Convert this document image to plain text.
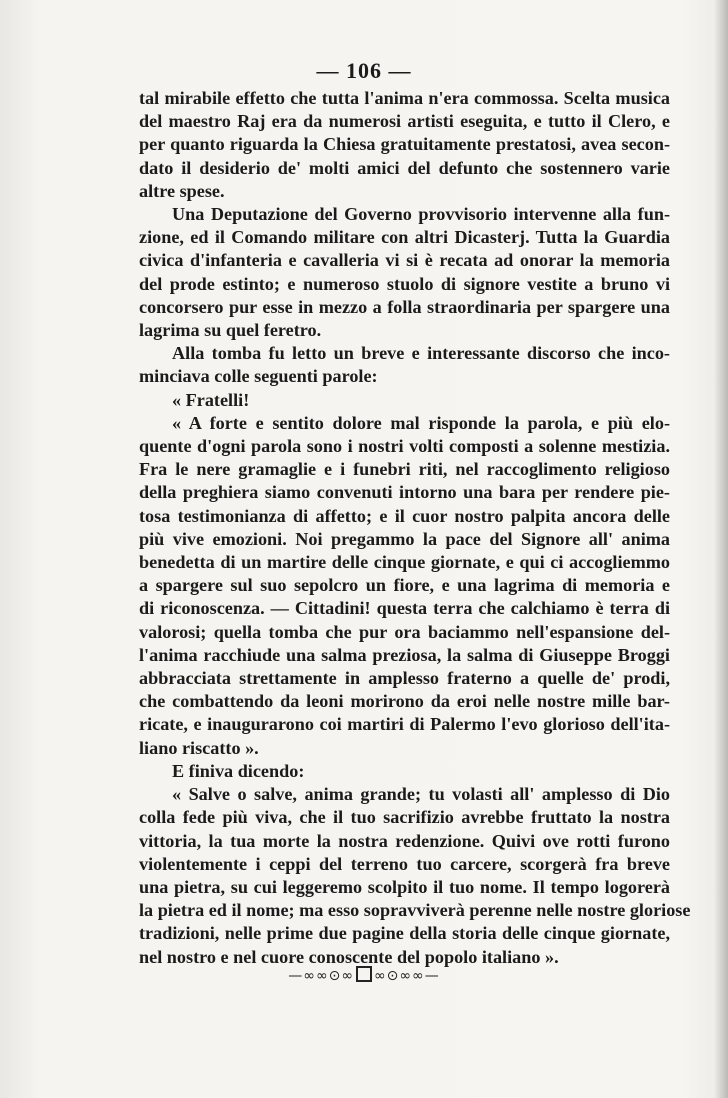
— 106 —
tal mirabile effetto che tutta l'anima n'era commossa. Scelta musica
del maestro Raj era da numerosi artisti eseguita, e tutto il Clero, e
per quanto riguarda la Chiesa gratuitamente prestatosi, avea secon-
dato il desiderio de' molti amici del defunto che sostennero varie
altre spese.
Una Deputazione del Governo provvisorio intervenne alla fun-
zione, ed il Comando militare con altri Dicasterj. Tutta la Guardia
civica d'infanteria e cavalleria vi si è recata ad onorar la memoria
del prode estinto; e numeroso stuolo di signore vestite a bruno vi
concorsero pur esse in mezzo a folla straordinaria per spargere una
lagrima su quel feretro.
Alla tomba fu letto un breve e interessante discorso che inco-
minciava colle seguenti parole:
« Fratelli!
« A forte e sentito dolore mal risponde la parola, e più elo-
quente d'ogni parola sono i nostri volti composti a solenne mestizia.
Fra le nere gramaglie e i funebri riti, nel raccoglimento religioso
della preghiera siamo convenuti intorno una bara per rendere pie-
tosa testimonianza di affetto; e il cuor nostro palpita ancora delle
più vive emozioni. Noi pregammo la pace del Signore all' anima
benedetta di un martire delle cinque giornate, e qui ci accogliemmo
a spargere sul suo sepolcro un fiore, e una lagrima di memoria e
di riconoscenza. — Cittadini! questa terra che calchiamo è terra di
valorosi; quella tomba che pur ora baciammo nell'espansione del-
l'anima racchiude una salma preziosa, la salma di Giuseppe Broggi
abbracciata strettamente in amplesso fraterno a quelle de' prodi,
che combattendo da leoni morirono da eroi nelle nostre mille bar-
ricate, e inaugurarono coi martiri di Palermo l'evo glorioso dell'ita-
liano riscatto ».
E finiva dicendo:
« Salve o salve, anima grande; tu volasti all' amplesso di Dio
colla fede più viva, che il tuo sacrifizio avrebbe fruttato la nostra
vittoria, la tua morte la nostra redenzione. Quivi ove rotti furono
violentemente i ceppi del terreno tuo carcere, scorgerà fra breve
una pietra, su cui leggeremo scolpito il tuo nome. Il tempo logorerà
la pietra ed il nome; ma esso sopravviverà perenne nelle nostre gloriose
tradizioni, nelle prime due pagine della storia delle cinque giornate,
nel nostro e nel cuore conoscente del popolo italiano ».
—∞∞⊙∞ ∞⊙∞∞—
